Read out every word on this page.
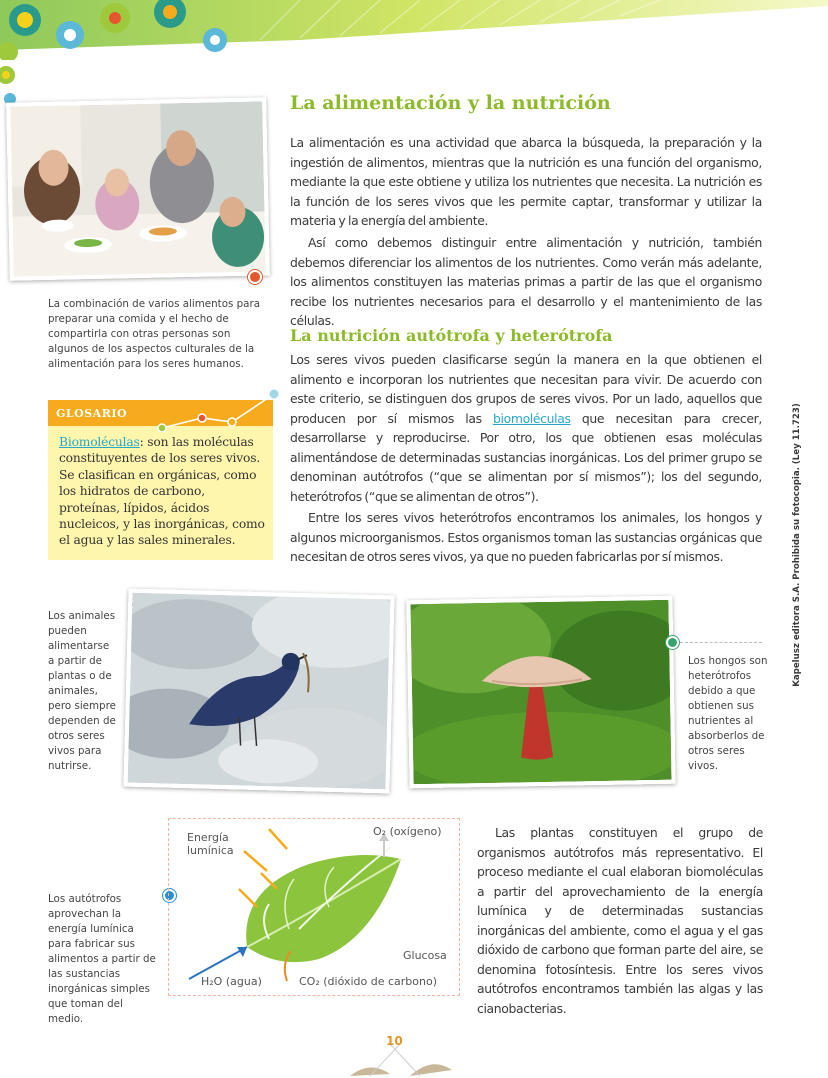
La alimentación y la nutrición

La alimentación es una actividad que abarca la búsqueda, la preparación y la ingestión de alimentos, mientras que la nutrición es una función del organismo, mediante la que este obtiene y utiliza los nutrientes que necesita. La nutrición es la función de los seres vivos que les permite captar, transformar y utilizar la materia y la energía del ambiente.

Así como debemos distinguir entre alimentación y nutrición, también debemos diferenciar los alimentos de los nutrientes. Como verán más adelante, los alimentos constituyen las materias primas a partir de las que el organismo recibe los nutrientes necesarios para el desarrollo y el mantenimiento de las células.

La combinación de varios alimentos para preparar una comida y el hecho de compartirla con otras personas son algunos de los aspectos culturales de la alimentación para los seres humanos.

La nutrición autótrofa y heterótrofa

Los seres vivos pueden clasificarse según la manera en la que obtienen el alimento e incorporan los nutrientes que necesitan para vivir. De acuerdo con este criterio, se distinguen dos grupos de seres vivos. Por un lado, aquellos que producen por sí mismos las biomoléculas que necesitan para crecer, desarrollarse y reproducirse. Por otro, los que obtienen esas moléculas alimentándose de determinadas sustancias inorgánicas. Los del primer grupo se denominan autótrofos (“que se alimentan por sí mismos”); los del segundo, heterótrofos (“que se alimentan de otros”).

Entre los seres vivos heterótrofos encontramos los animales, los hongos y algunos microorganismos. Estos organismos toman las sustancias orgánicas que necesitan de otros seres vivos, ya que no pueden fabricarlas por sí mismos.

GLOSARIO

Biomoléculas: son las moléculas constituyentes de los seres vivos. Se clasifican en orgánicas, como los hidratos de carbono, proteínas, lípidos, ácidos nucleicos, y las inorgánicas, como el agua y las sales minerales.	Kapelusz editora S.A. Prohibida su fotocopia. (Ley 11.723)

Los animales pueden alimentarse a partir de plantas o de animales, pero siempre dependen de otros seres vivos para nutrirse.

Los hongos son heterótrofos debido a que obtienen sus nutrientes al absorberlos de otros seres vivos.

Los autótrofos aprovechan la energía lumínica para fabricar sus alimentos a partir de las sustancias inorgánicas simples que toman del medio.

Energía lumínica

O₂ (oxígeno)

Glucosa

H₂O (agua)	CO₂ (dióxido de carbono)

Las plantas constituyen el grupo de organismos autótrofos más representativo. El proceso mediante el cual elaboran biomoléculas a partir del aprovechamiento de la energía lumínica y de determinadas sustancias inorgánicas del ambiente, como el agua y el gas dióxido de carbono que forman parte del aire, se denomina fotosíntesis. Entre los seres vivos autótrofos encontramos también las algas y las cianobacterias.

10
